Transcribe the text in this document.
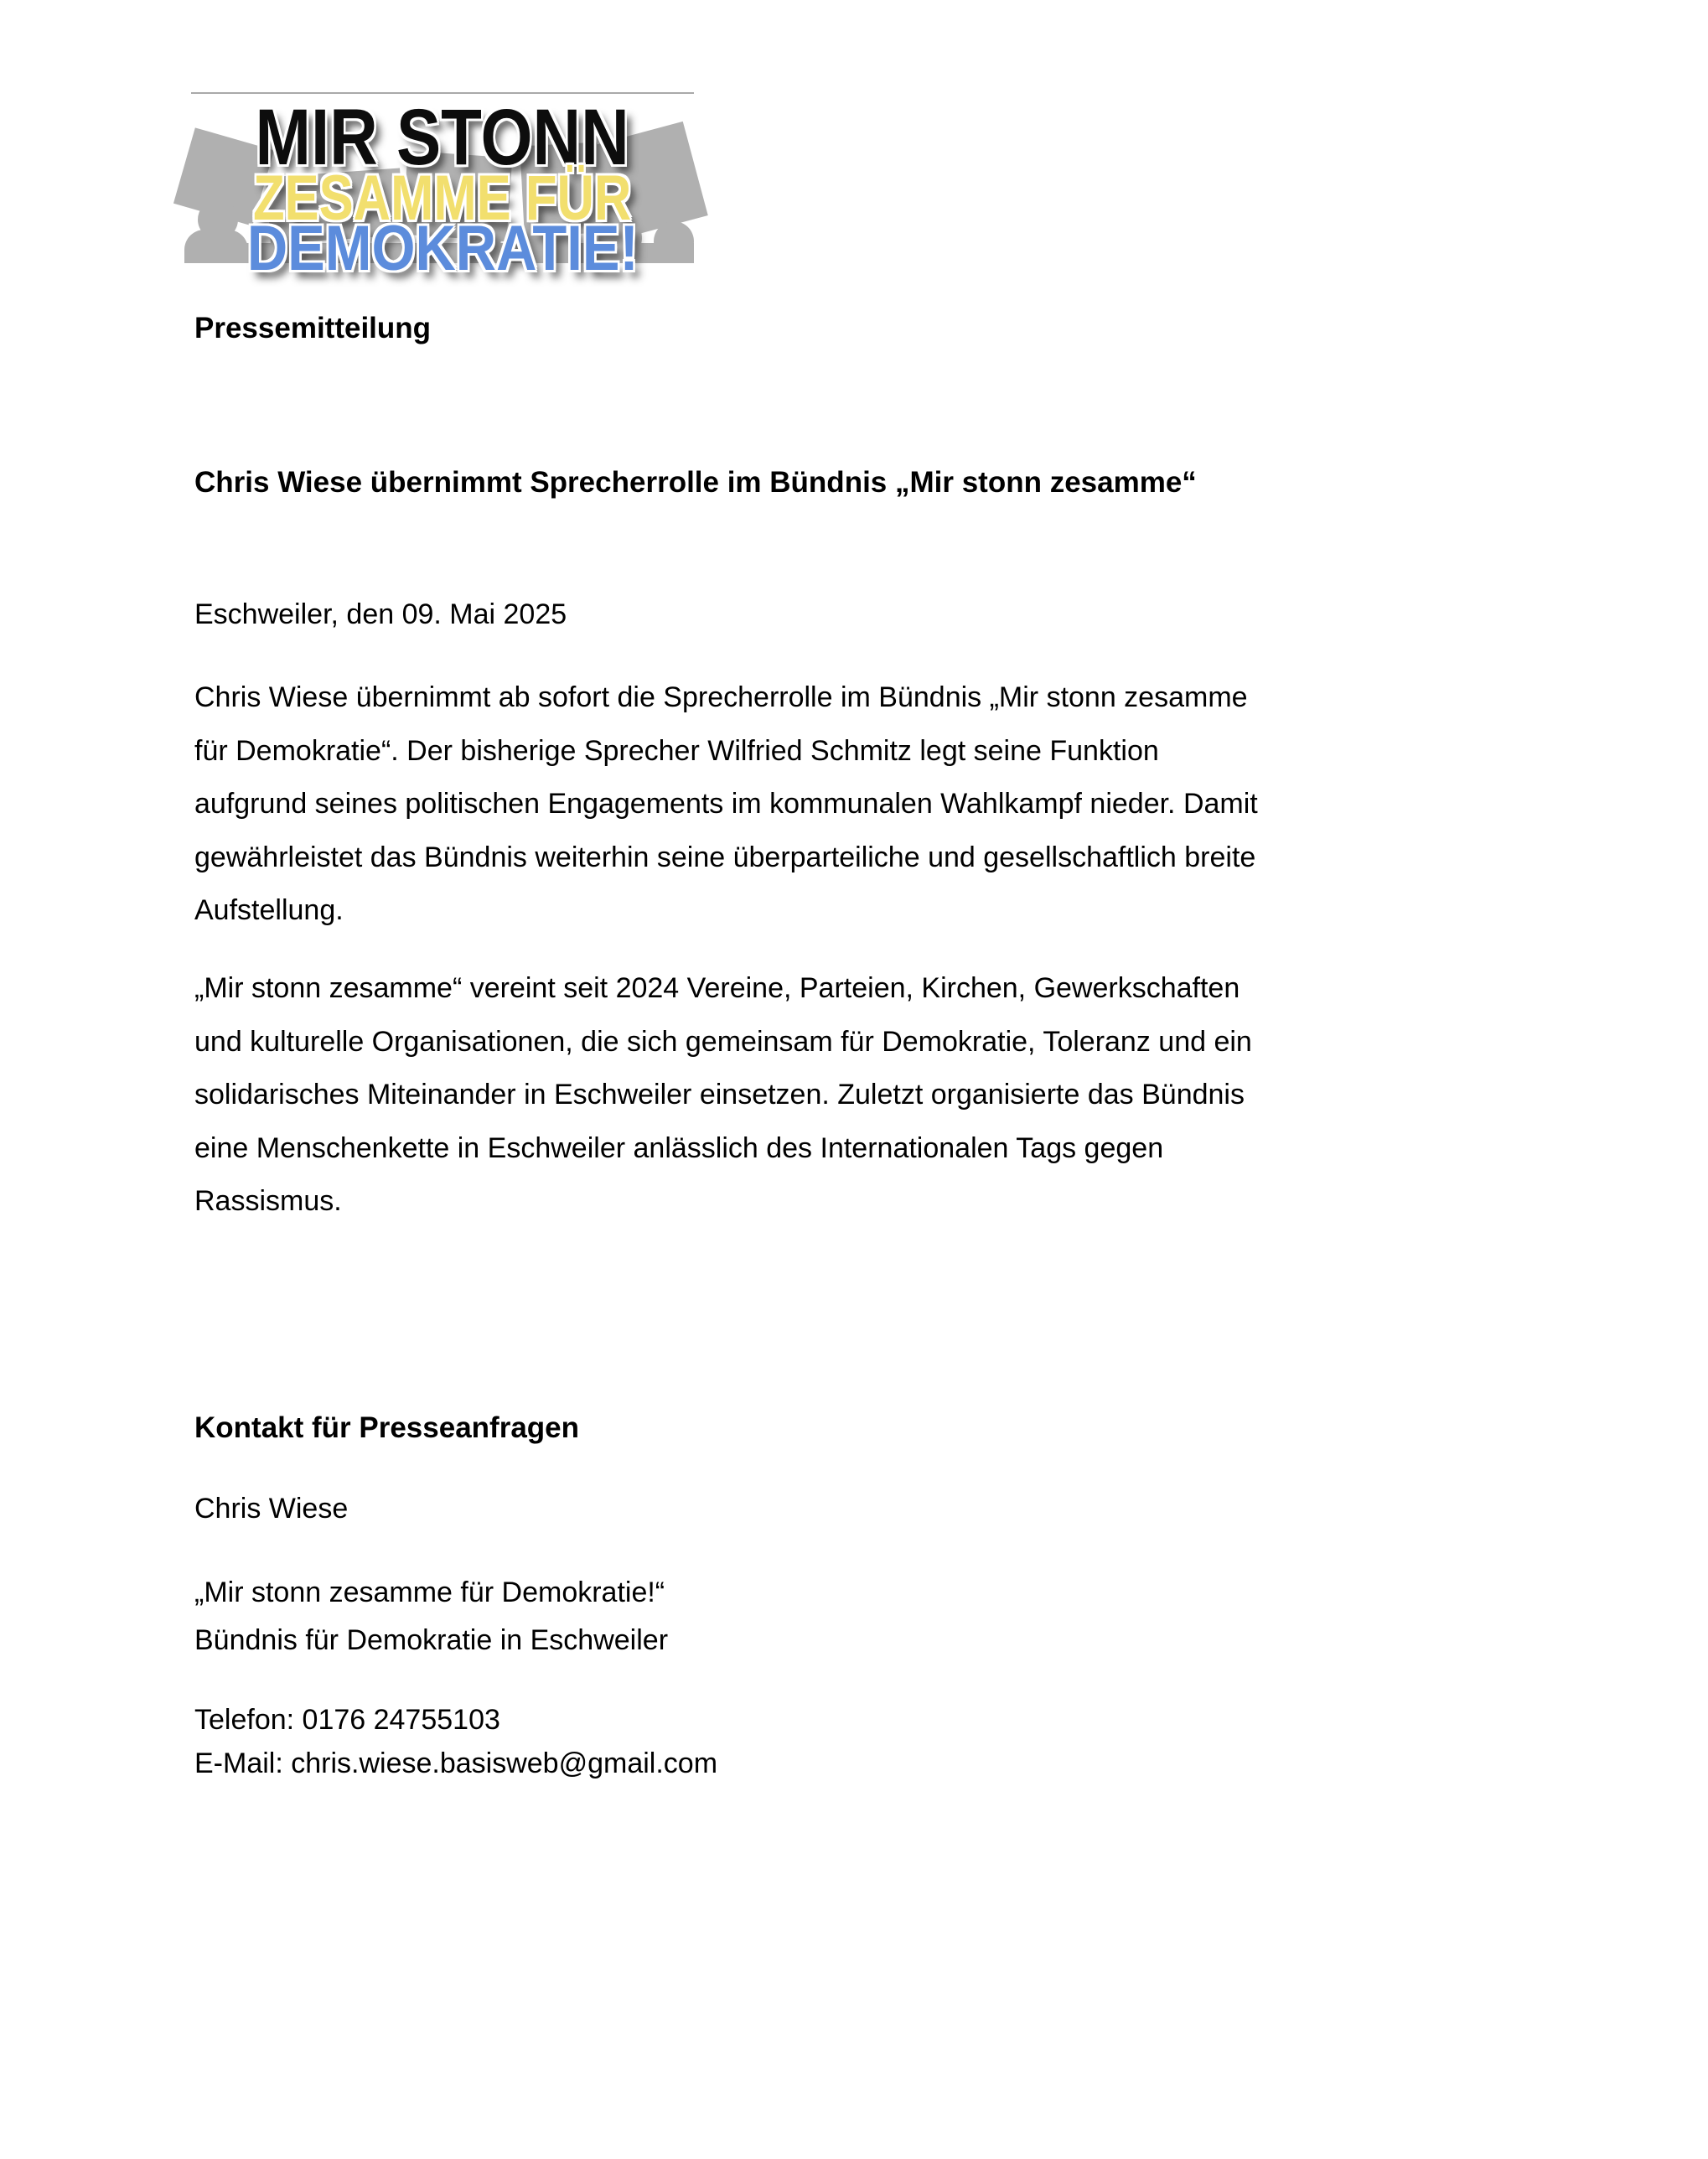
MIR STONN
ZESAMME FÜR
DEMOKRATIE!
Pressemitteilung
Chris Wiese übernimmt Sprecherrolle im Bündnis „Mir stonn zesamme“
Eschweiler, den 09. Mai 2025
Chris Wiese übernimmt ab sofort die Sprecherrolle im Bündnis „Mir stonn zesamme
für Demokratie“. Der bisherige Sprecher Wilfried Schmitz legt seine Funktion
aufgrund seines politischen Engagements im kommunalen Wahlkampf nieder. Damit
gewährleistet das Bündnis weiterhin seine überparteiliche und gesellschaftlich breite
Aufstellung.
„Mir stonn zesamme“ vereint seit 2024 Vereine, Parteien, Kirchen, Gewerkschaften
und kulturelle Organisationen, die sich gemeinsam für Demokratie, Toleranz und ein
solidarisches Miteinander in Eschweiler einsetzen. Zuletzt organisierte das Bündnis
eine Menschenkette in Eschweiler anlässlich des Internationalen Tags gegen
Rassismus.
Kontakt für Presseanfragen
Chris Wiese
„Mir stonn zesamme für Demokratie!“
Bündnis für Demokratie in Eschweiler
Telefon: 0176 24755103
E-Mail: chris.wiese.basisweb@gmail.com
